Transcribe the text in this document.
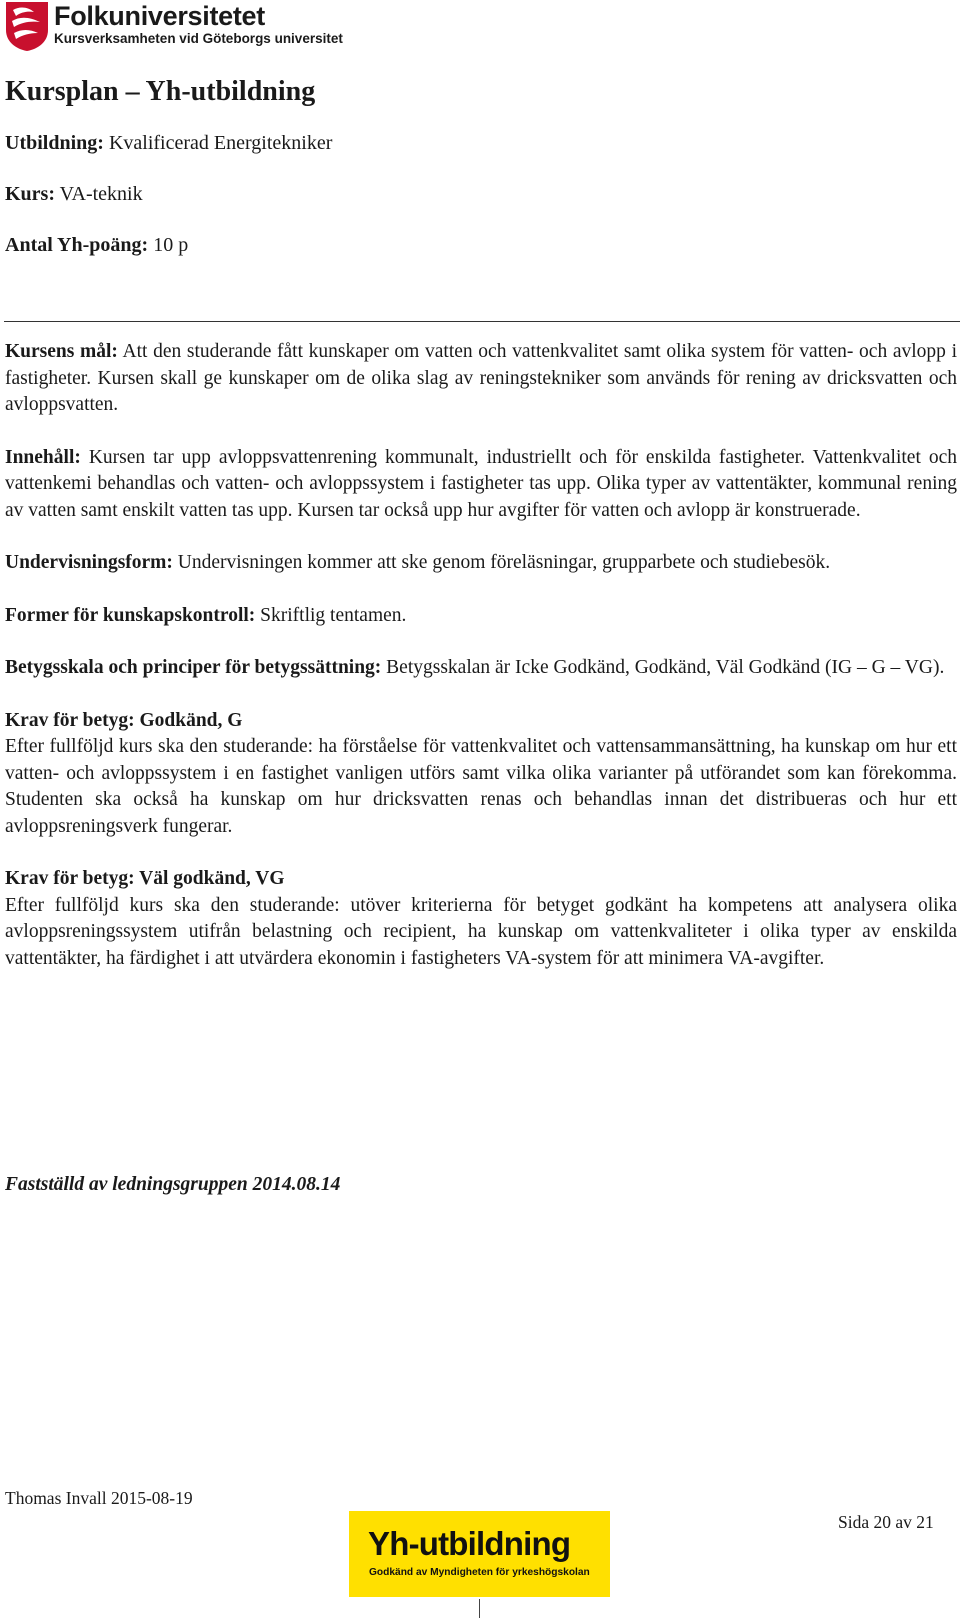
Folkuniversitetet
Kursverksamheten vid Göteborgs universitet
Kursplan – Yh-utbildning

Utbildning: Kvalificerad Energitekniker

Kurs: VA-teknik

Antal Yh-poäng: 10 p

Kursens mål: Att den studerande fått kunskaper om vatten och vattenkvalitet samt olika system för vatten- och avlopp i fastigheter. Kursen skall ge kunskaper om de olika slag av reningstekniker som används för rening av dricksvatten och avloppsvatten.

Innehåll: Kursen tar upp avloppsvattenrening kommunalt, industriellt och för enskilda fastigheter. Vattenkvalitet och vattenkemi behandlas och vatten- och avloppssystem i fastigheter tas upp. Olika typer av vattentäkter, kommunal rening av vatten samt enskilt vatten tas upp. Kursen tar också upp hur avgifter för vatten och avlopp är konstruerade.

Undervisningsform: Undervisningen kommer att ske genom föreläsningar, grupparbete och studiebesök.

Former för kunskapskontroll: Skriftlig tentamen.

Betygsskala och principer för betygssättning: Betygsskalan är Icke Godkänd, Godkänd, Väl Godkänd (IG – G – VG).

Krav för betyg: Godkänd, G
Efter fullföljd kurs ska den studerande: ha förståelse för vattenkvalitet och vattensammansättning, ha kunskap om hur ett vatten- och avloppssystem i en fastighet vanligen utförs samt vilka olika varianter på utförandet som kan förekomma. Studenten ska också ha kunskap om hur dricksvatten renas och behandlas innan det distribueras och hur ett avloppsreningsverk fungerar.

Krav för betyg: Väl godkänd, VG
Efter fullföljd kurs ska den studerande: utöver kriterierna för betyget godkänt ha kompetens att analysera olika avloppsreningssystem utifrån belastning och recipient, ha kunskap om vattenkvaliteter i olika typer av enskilda vattentäkter, ha färdighet i att utvärdera ekonomin i fastigheters VA-system för att minimera VA-avgifter.

Fastställd av ledningsgruppen 2014.08.14

Thomas Invall 2015-08-19

Yh-utbildning
Godkänd av Myndigheten för yrkeshögskolan

Sida 20 av 21
